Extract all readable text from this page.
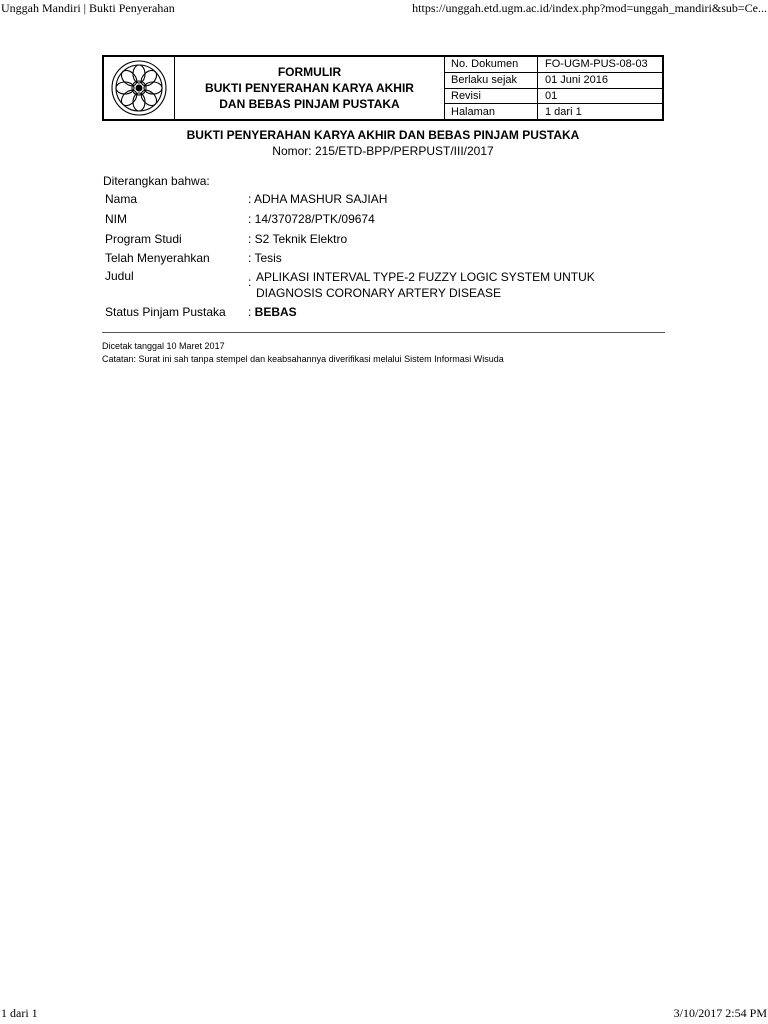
Unggah Mandiri | Bukti Penyerahan	https://unggah.etd.ugm.ac.id/index.php?mod=unggah_mandiri&sub=Ce...
FORMULIR
BUKTI PENYERAHAN KARYA AKHIR
DAN BEBAS PINJAM PUSTAKA
No. Dokumen	FO-UGM-PUS-08-03
Berlaku sejak	01 Juni 2016
Revisi	01
Halaman	1 dari 1
BUKTI PENYERAHAN KARYA AKHIR DAN BEBAS PINJAM PUSTAKA
Nomor: 215/ETD-BPP/PERPUST/III/2017
Diterangkan bahwa:
Nama	: ADHA MASHUR SAJIAH
NIM	: 14/370728/PTK/09674
Program Studi	: S2 Teknik Elektro
Telah Menyerahkan	: Tesis
Judul	: APLIKASI INTERVAL TYPE-2 FUZZY LOGIC SYSTEM UNTUK
DIAGNOSIS CORONARY ARTERY DISEASE
Status Pinjam Pustaka	: BEBAS
Dicetak tanggal 10 Maret 2017
Catatan: Surat ini sah tanpa stempel dan keabsahannya diverifikasi melalui Sistem Informasi Wisuda
1 dari 1	3/10/2017 2:54 PM
